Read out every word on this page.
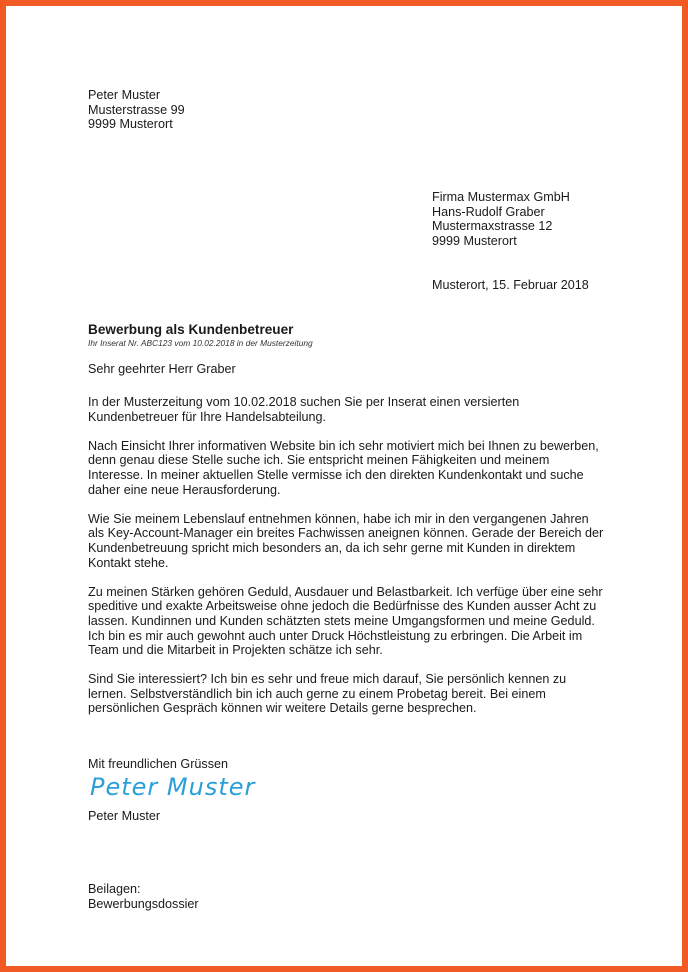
Peter Muster
Musterstrasse 99
9999 Musterort
Firma Mustermax GmbH
Hans-Rudolf Graber
Mustermaxstrasse 12
9999 Musterort
Musterort, 15. Februar 2018
Bewerbung als Kundenbetreuer
Ihr Inserat Nr. ABC123 vom 10.02.2018 in der Musterzeitung
Sehr geehrter Herr Graber
In der Musterzeitung vom 10.02.2018 suchen Sie per Inserat einen versierten
Kundenbetreuer für Ihre Handelsabteilung.
Nach Einsicht Ihrer informativen Website bin ich sehr motiviert mich bei Ihnen zu bewerben,
denn genau diese Stelle suche ich. Sie entspricht meinen Fähigkeiten und meinem
Interesse. In meiner aktuellen Stelle vermisse ich den direkten Kundenkontakt und suche
daher eine neue Herausforderung.
Wie Sie meinem Lebenslauf entnehmen können, habe ich mir in den vergangenen Jahren
als Key-Account-Manager ein breites Fachwissen aneignen können. Gerade der Bereich der
Kundenbetreuung spricht mich besonders an, da ich sehr gerne mit Kunden in direktem
Kontakt stehe.
Zu meinen Stärken gehören Geduld, Ausdauer und Belastbarkeit. Ich verfüge über eine sehr
speditive und exakte Arbeitsweise ohne jedoch die Bedürfnisse des Kunden ausser Acht zu
lassen. Kundinnen und Kunden schätzten stets meine Umgangsformen und meine Geduld.
Ich bin es mir auch gewohnt auch unter Druck Höchstleistung zu erbringen. Die Arbeit im
Team und die Mitarbeit in Projekten schätze ich sehr.
Sind Sie interessiert? Ich bin es sehr und freue mich darauf, Sie persönlich kennen zu
lernen. Selbstverständlich bin ich auch gerne zu einem Probetag bereit. Bei einem
persönlichen Gespräch können wir weitere Details gerne besprechen.
Mit freundlichen Grüssen
Peter Muster
Peter Muster
Beilagen:
Bewerbungsdossier
